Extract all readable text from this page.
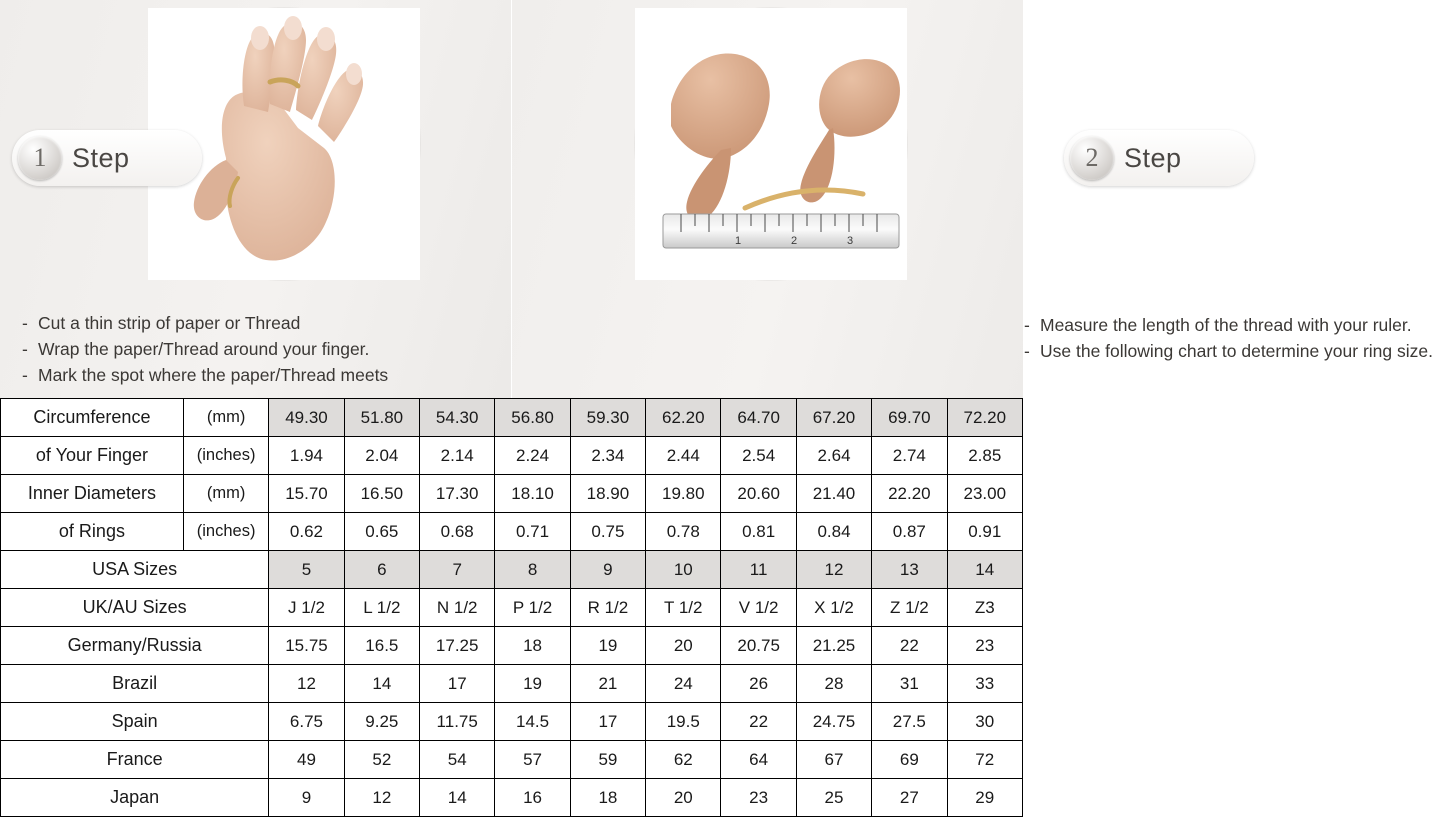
1 Step
- Cut a thin strip of paper or Thread
- Wrap the paper/Thread around your finger.
- Mark the spot where the paper/Thread meets
1	2	3
2 Step
- Measure the length of the thread with your ruler.
- Use the following chart to determine your ring size.
Circumference	(mm)	49.30	51.80	54.30	56.80	59.30	62.20	64.70	67.20	69.70	72.20
of Your Finger	(inches)	1.94	2.04	2.14	2.24	2.34	2.44	2.54	2.64	2.74	2.85
Inner Diameters	(mm)	15.70	16.50	17.30	18.10	18.90	19.80	20.60	21.40	22.20	23.00
of Rings	(inches)	0.62	0.65	0.68	0.71	0.75	0.78	0.81	0.84	0.87	0.91
USA Sizes		5	6	7	8	9	10	11	12	13	14
UK/AU Sizes		J 1/2	L 1/2	N 1/2	P 1/2	R 1/2	T 1/2	V 1/2	X 1/2	Z 1/2	Z3
Germany/Russia		15.75	16.5	17.25	18	19	20	20.75	21.25	22	23
Brazil		12	14	17	19	21	24	26	28	31	33
Spain		6.75	9.25	11.75	14.5	17	19.5	22	24.75	27.5	30
France		49	52	54	57	59	62	64	67	69	72
Japan		9	12	14	16	18	20	23	25	27	29
